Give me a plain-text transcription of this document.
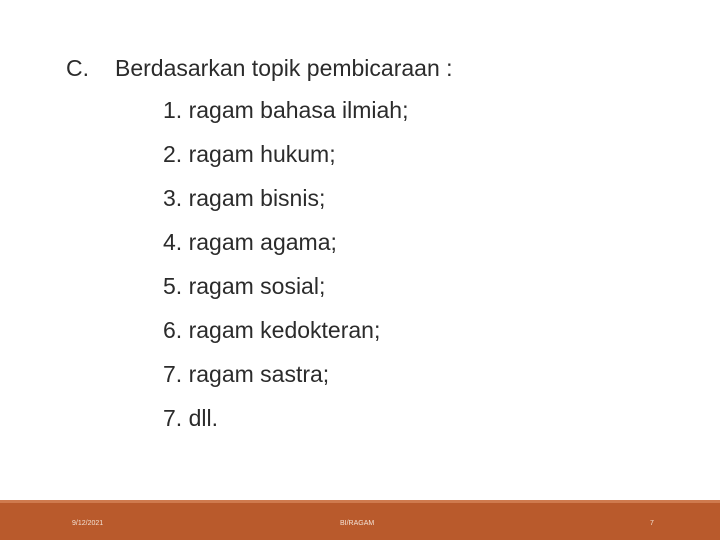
C. Berdasarkan topik pembicaraan :
1. ragam bahasa ilmiah;
2. ragam hukum;
3. ragam bisnis;
4. ragam agama;
5. ragam sosial;
6. ragam kedokteran;
7. ragam sastra;
7. dll.
9/12/2021	BI/RAGAM	7
